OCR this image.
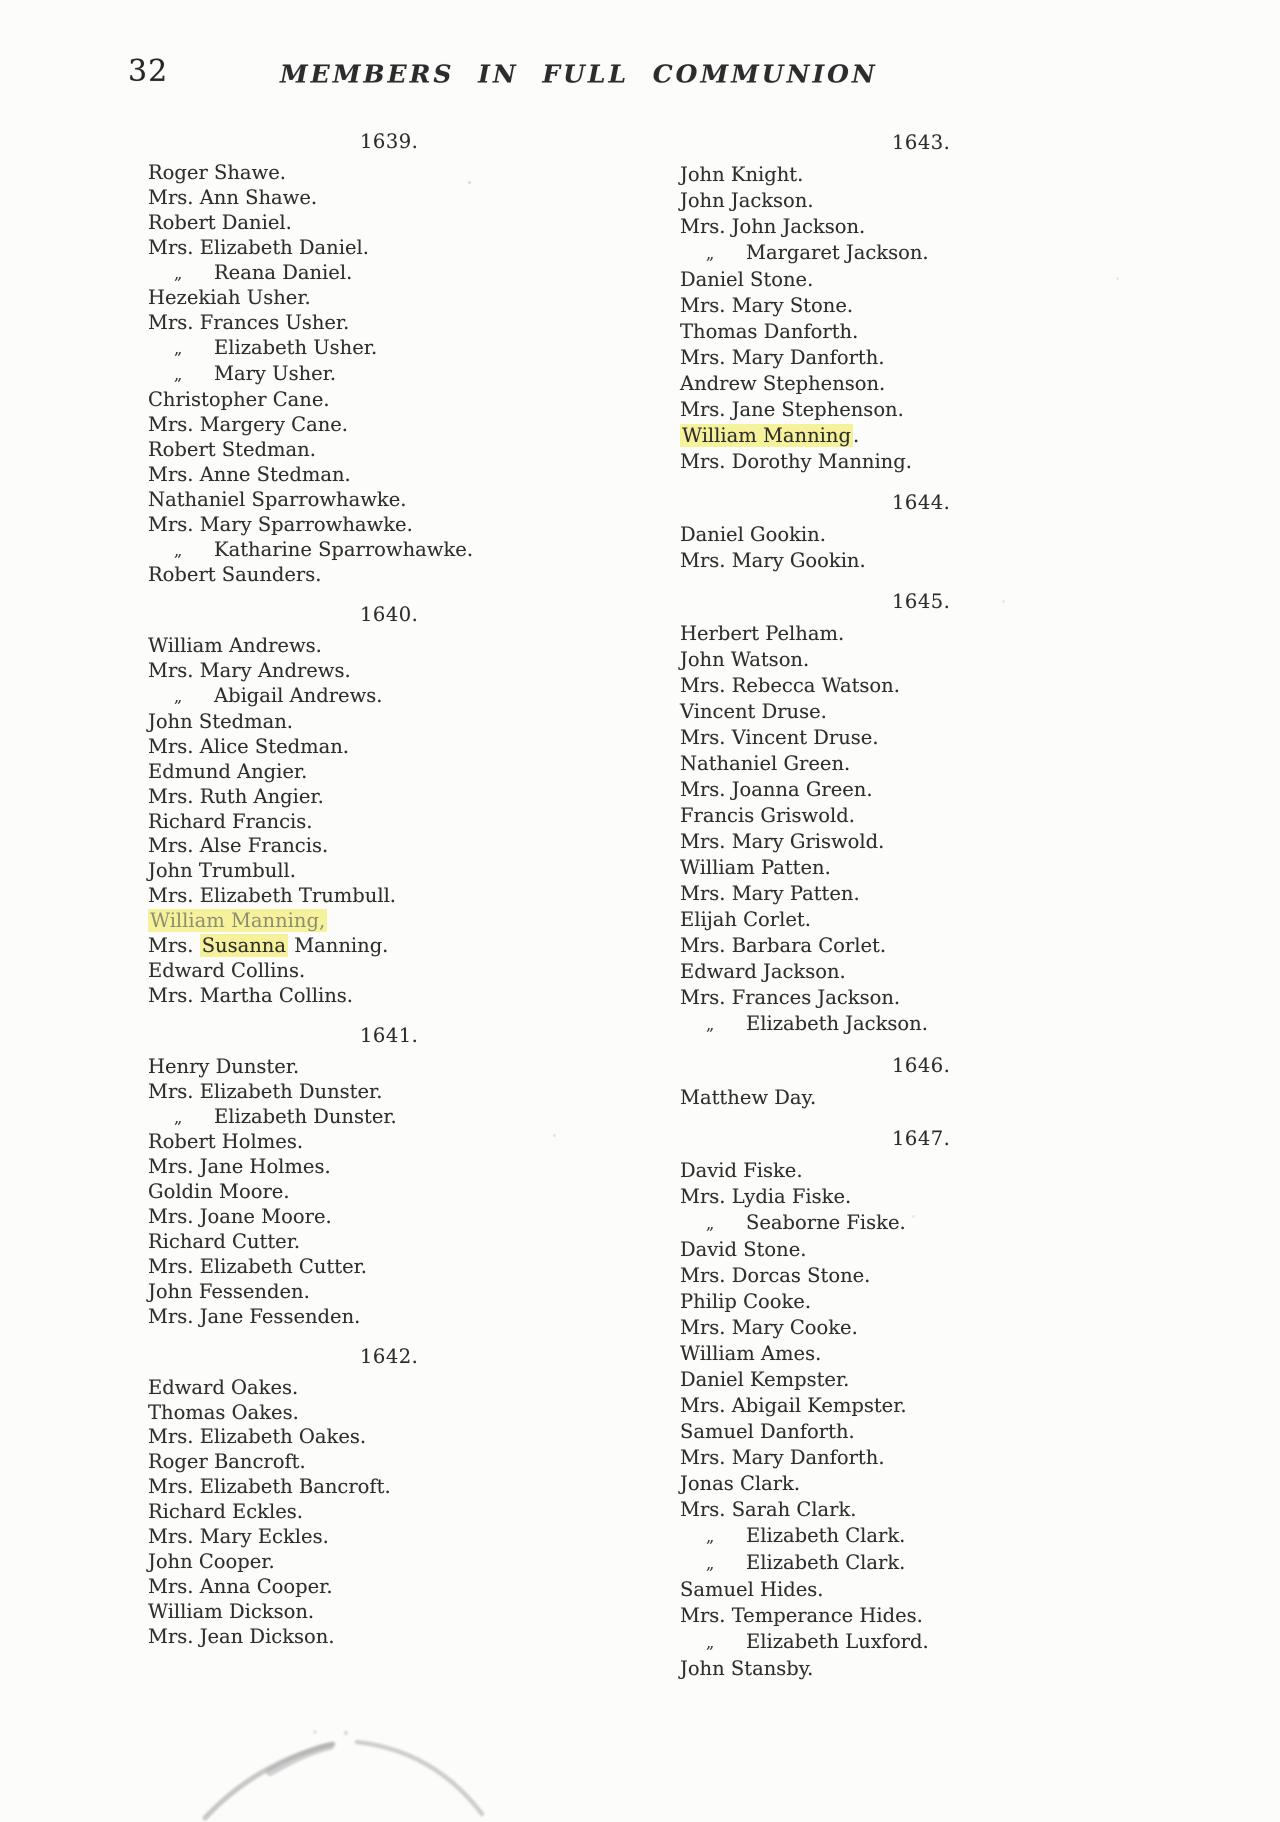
32	MEMBERS IN FULL COMMUNION
1639.
Roger Shawe.
Mrs. Ann Shawe.
Robert Daniel.
Mrs. Elizabeth Daniel.
„ Reana Daniel.
Hezekiah Usher.
Mrs. Frances Usher.
„ Elizabeth Usher.
„ Mary Usher.
Christopher Cane.
Mrs. Margery Cane.
Robert Stedman.
Mrs. Anne Stedman.
Nathaniel Sparrowhawke.
Mrs. Mary Sparrowhawke.
„ Katharine Sparrowhawke.
Robert Saunders.
1640.
William Andrews.
Mrs. Mary Andrews.
„ Abigail Andrews.
John Stedman.
Mrs. Alice Stedman.
Edmund Angier.
Mrs. Ruth Angier.
Richard Francis.
Mrs. Alse Francis.
John Trumbull.
Mrs. Elizabeth Trumbull.
William Manning,
Mrs. Susanna Manning.
Edward Collins.
Mrs. Martha Collins.
1641.
Henry Dunster.
Mrs. Elizabeth Dunster.
„ Elizabeth Dunster.
Robert Holmes.
Mrs. Jane Holmes.
Goldin Moore.
Mrs. Joane Moore.
Richard Cutter.
Mrs. Elizabeth Cutter.
John Fessenden.
Mrs. Jane Fessenden.
1642.
Edward Oakes.
Thomas Oakes.
Mrs. Elizabeth Oakes.
Roger Bancroft.
Mrs. Elizabeth Bancroft.
Richard Eckles.
Mrs. Mary Eckles.
John Cooper.
Mrs. Anna Cooper.
William Dickson.
Mrs. Jean Dickson.
1643.
John Knight.
John Jackson.
Mrs. John Jackson.
„ Margaret Jackson.
Daniel Stone.
Mrs. Mary Stone.
Thomas Danforth.
Mrs. Mary Danforth.
Andrew Stephenson.
Mrs. Jane Stephenson.
William Manning .
Mrs. Dorothy Manning.
1644.
Daniel Gookin.
Mrs. Mary Gookin.
1645.
Herbert Pelham.
John Watson.
Mrs. Rebecca Watson.
Vincent Druse.
Mrs. Vincent Druse.
Nathaniel Green.
Mrs. Joanna Green.
Francis Griswold.
Mrs. Mary Griswold.
William Patten.
Mrs. Mary Patten.
Elijah Corlet.
Mrs. Barbara Corlet.
Edward Jackson.
Mrs. Frances Jackson.
„ Elizabeth Jackson.
1646.
Matthew Day.
1647.
David Fiske.
Mrs. Lydia Fiske.
„ Seaborne Fiske.
David Stone.
Mrs. Dorcas Stone.
Philip Cooke.
Mrs. Mary Cooke.
William Ames.
Daniel Kempster.
Mrs. Abigail Kempster.
Samuel Danforth.
Mrs. Mary Danforth.
Jonas Clark.
Mrs. Sarah Clark.
„ Elizabeth Clark.
„ Elizabeth Clark.
Samuel Hides.
Mrs. Temperance Hides.
„ Elizabeth Luxford.
John Stansby.
